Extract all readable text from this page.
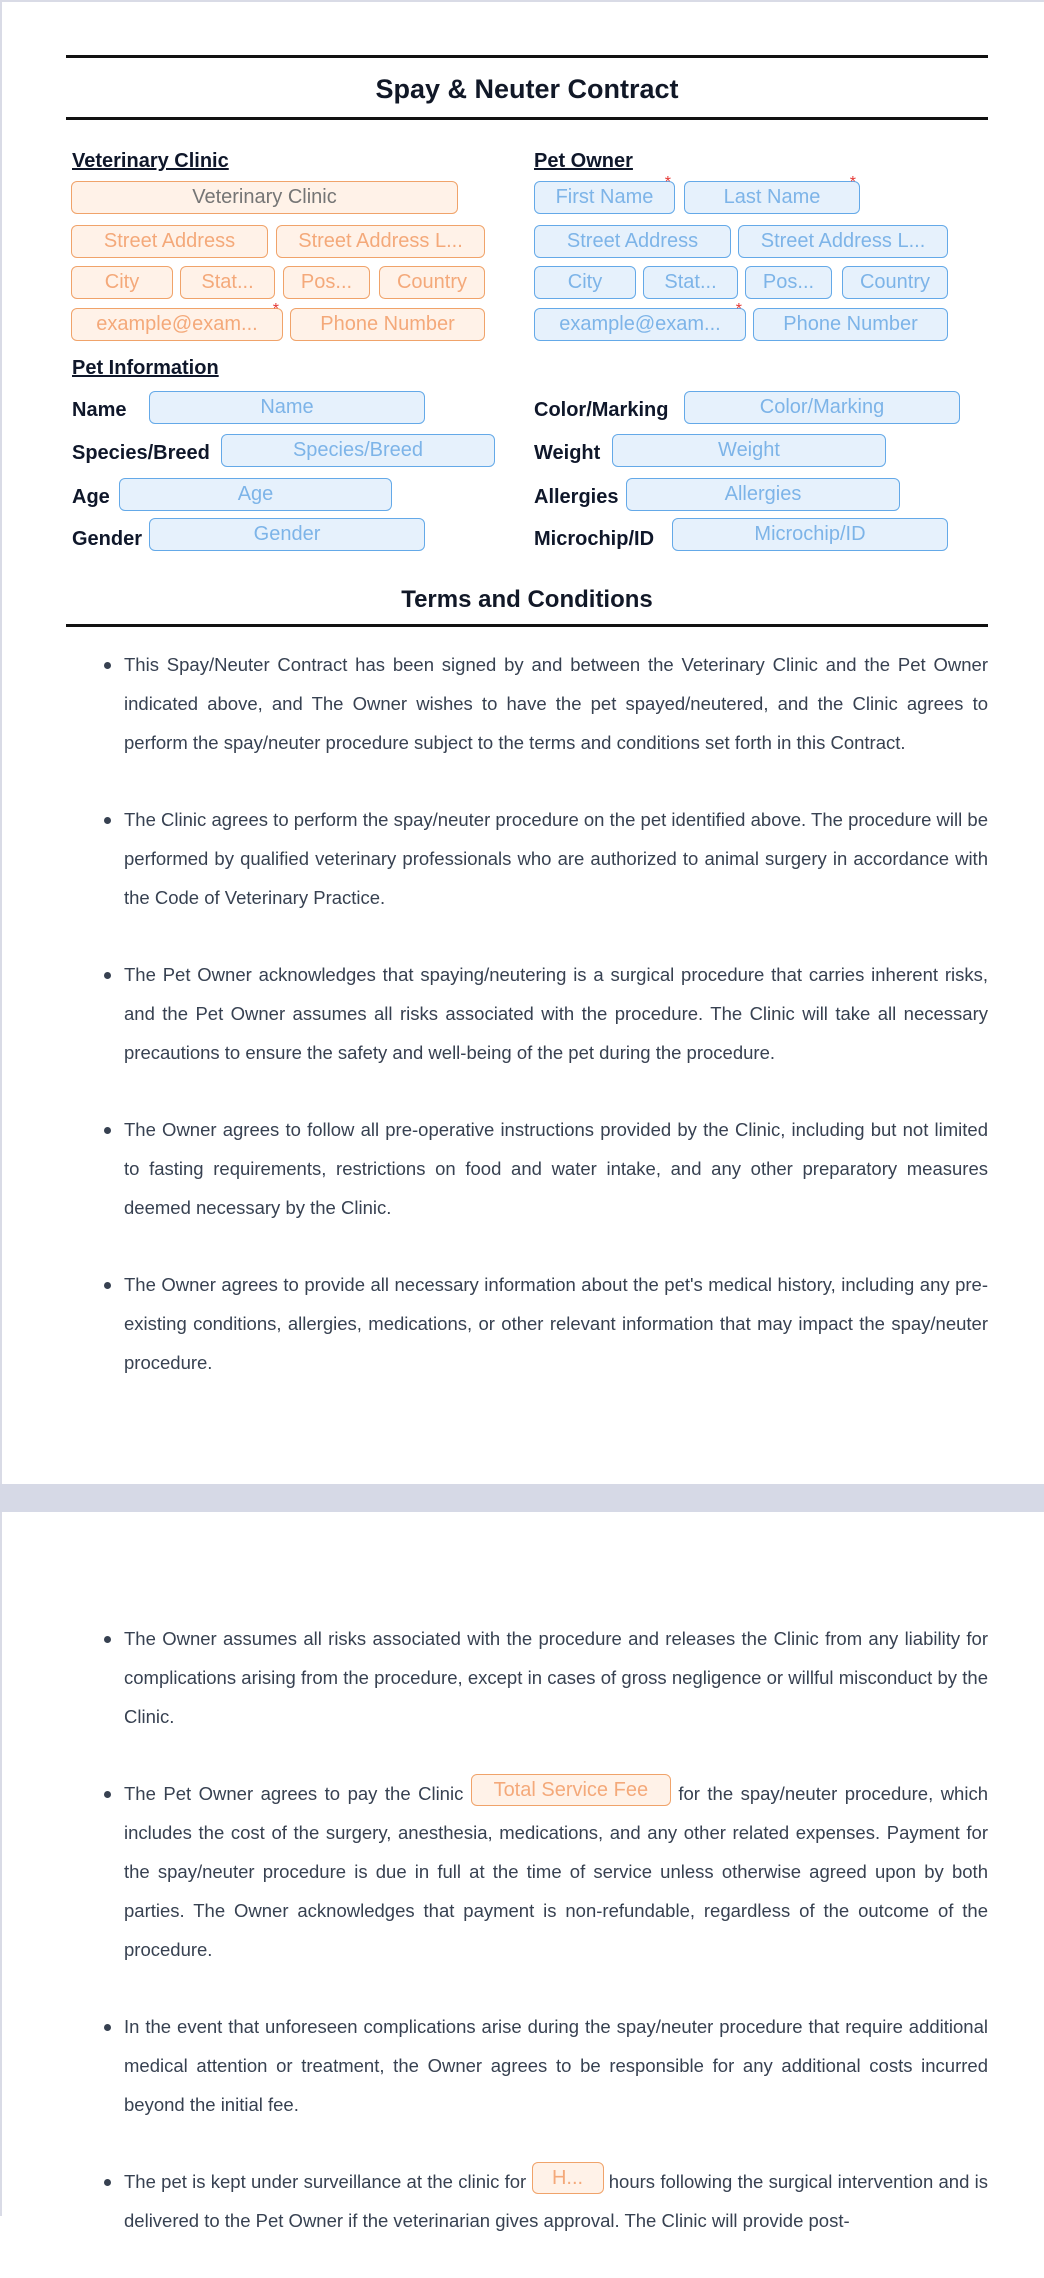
Spay & Neuter Contract
Veterinary Clinic
Veterinary Clinic
Street Address	Street Address L...
City	Stat...	Pos...	Country
example@exam... *	Phone Number
Pet Owner
First Name *	Last Name *
Street Address	Street Address L...
City	Stat...	Pos...	Country
example@exam... *	Phone Number
Pet Information
Name	Name
Species/Breed	Species/Breed
Age	Age
Gender	Gender
Color/Marking	Color/Marking
Weight	Weight
Allergies	Allergies
Microchip/ID	Microchip/ID
Terms and Conditions
This Spay/Neuter Contract has been signed by and between the Veterinary Clinic and the Pet Owner indicated above, and The Owner wishes to have the pet spayed/neutered, and the Clinic agrees to perform the spay/neuter procedure subject to the terms and conditions set forth in this Contract.
The Clinic agrees to perform the spay/neuter procedure on the pet identified above. The procedure will be performed by qualified veterinary professionals who are authorized to animal surgery in accordance with the Code of Veterinary Practice.
The Pet Owner acknowledges that spaying/neutering is a surgical procedure that carries inherent risks, and the Pet Owner assumes all risks associated with the procedure. The Clinic will take all necessary precautions to ensure the safety and well-being of the pet during the procedure.
The Owner agrees to follow all pre-operative instructions provided by the Clinic, including but not limited to fasting requirements, restrictions on food and water intake, and any other preparatory measures deemed necessary by the Clinic.
The Owner agrees to provide all necessary information about the pet's medical history, including any pre-existing conditions, allergies, medications, or other relevant information that may impact the spay/neuter procedure.
The Owner assumes all risks associated with the procedure and releases the Clinic from any liability for complications arising from the procedure, except in cases of gross negligence or willful misconduct by the Clinic.
The Pet Owner agrees to pay the Clinic Total Service Fee for the spay/neuter procedure, which includes the cost of the surgery, anesthesia, medications, and any other related expenses. Payment for the spay/neuter procedure is due in full at the time of service unless otherwise agreed upon by both parties. The Owner acknowledges that payment is non-refundable, regardless of the outcome of the procedure.
In the event that unforeseen complications arise during the spay/neuter procedure that require additional medical attention or treatment, the Owner agrees to be responsible for any additional costs incurred beyond the initial fee.
The pet is kept under surveillance at the clinic for H... hours following the surgical intervention and is delivered to the Pet Owner if the veterinarian gives approval. The Clinic will provide post-
